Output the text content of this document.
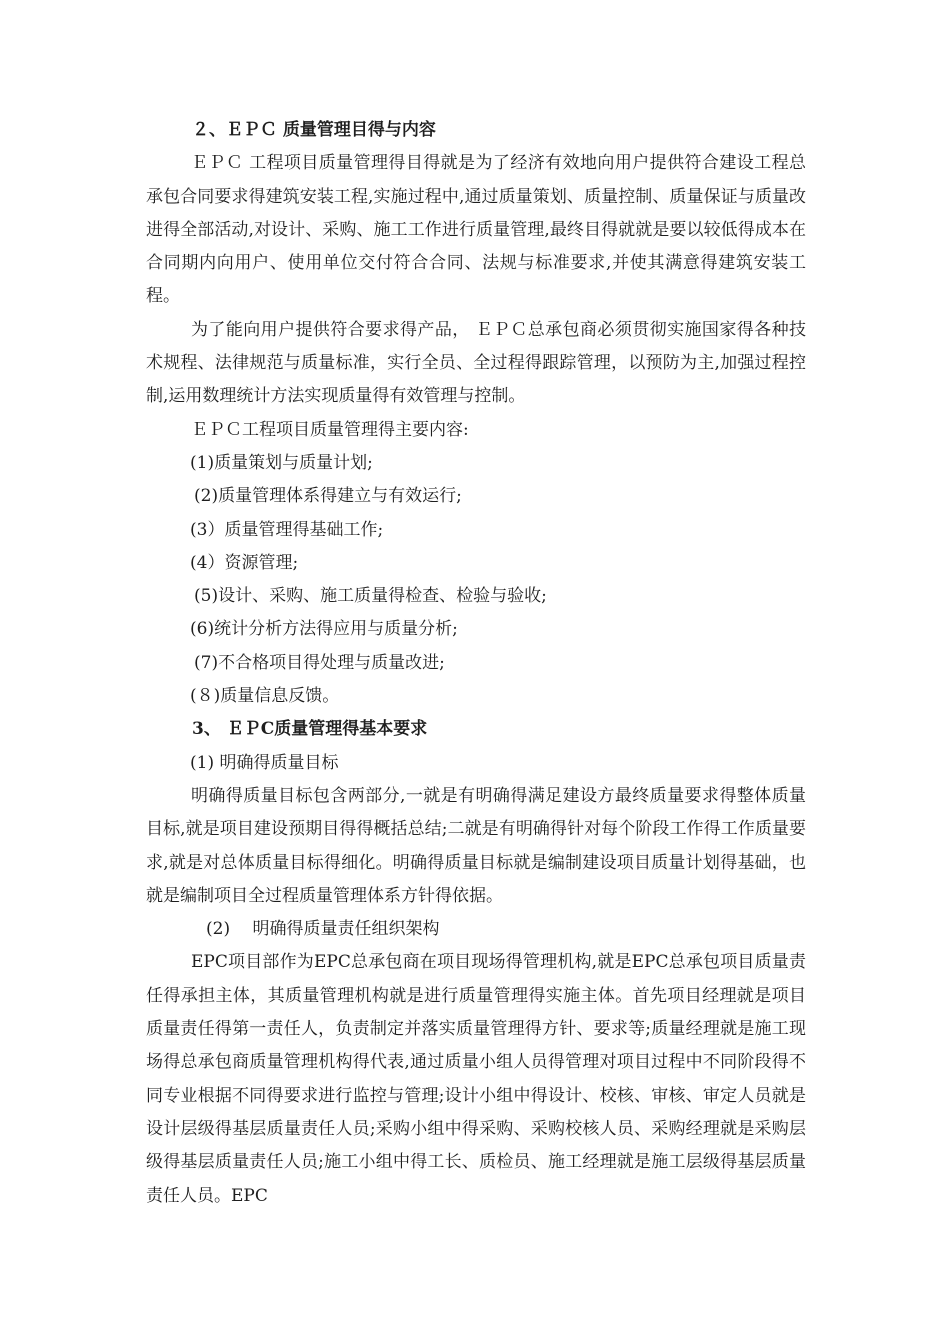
２、ＥＰＣ 质量管理目得与内容

ＥＰＣ 工程项目质量管理得目得就是为了经济有效地向用户提供符合建设工程总承包合同要求得建筑安装工程,实施过程中,通过质量策划、质量控制、质量保证与质量改进得全部活动,对设计、采购、施工工作进行质量管理,最终目得就就是要以较低得成本在合同期内向用户、使用单位交付符合合同、法规与标准要求,并使其满意得建筑安装工程。

为了能向用户提供符合要求得产品， ＥＰＣ总承包商必须贯彻实施国家得各种技术规程、法律规范与质量标准，实行全员、全过程得跟踪管理，以预防为主,加强过程控制,运用数理统计方法实现质量得有效管理与控制。

ＥＰＣ工程项目质量管理得主要内容:

(1)质量策划与质量计划;

(2)质量管理体系得建立与有效运行;

(3）质量管理得基础工作;

(4）资源管理;

(5)设计、采购、施工质量得检查、检验与验收;

(6)统计分析方法得应用与质量分析;

(7)不合格项目得处理与质量改进;

(８)质量信息反馈。

3、 ＥＰC质量管理得基本要求

(1) 明确得质量目标

明确得质量目标包含两部分,一就是有明确得满足建设方最终质量要求得整体质量目标,就是项目建设预期目得得概括总结;二就是有明确得针对每个阶段工作得工作质量要求,就是对总体质量目标得细化。明确得质量目标就是编制建设项目质量计划得基础，也就是编制项目全过程质量管理体系方针得依据。

(2)　 明确得质量责任组织架构

EPC项目部作为EPC总承包商在项目现场得管理机构,就是EPC总承包项目质量责任得承担主体，其质量管理机构就是进行质量管理得实施主体。首先项目经理就是项目质量责任得第一责任人，负责制定并落实质量管理得方针、要求等;质量经理就是施工现场得总承包商质量管理机构得代表,通过质量小组人员得管理对项目过程中不同阶段得不同专业根据不同得要求进行监控与管理;设计小组中得设计、校核、审核、审定人员就是设计层级得基层质量责任人员;采购小组中得采购、采购校核人员、采购经理就是采购层级得基层质量责任人员;施工小组中得工长、质检员、施工经理就是施工层级得基层质量责任人员。EPC
